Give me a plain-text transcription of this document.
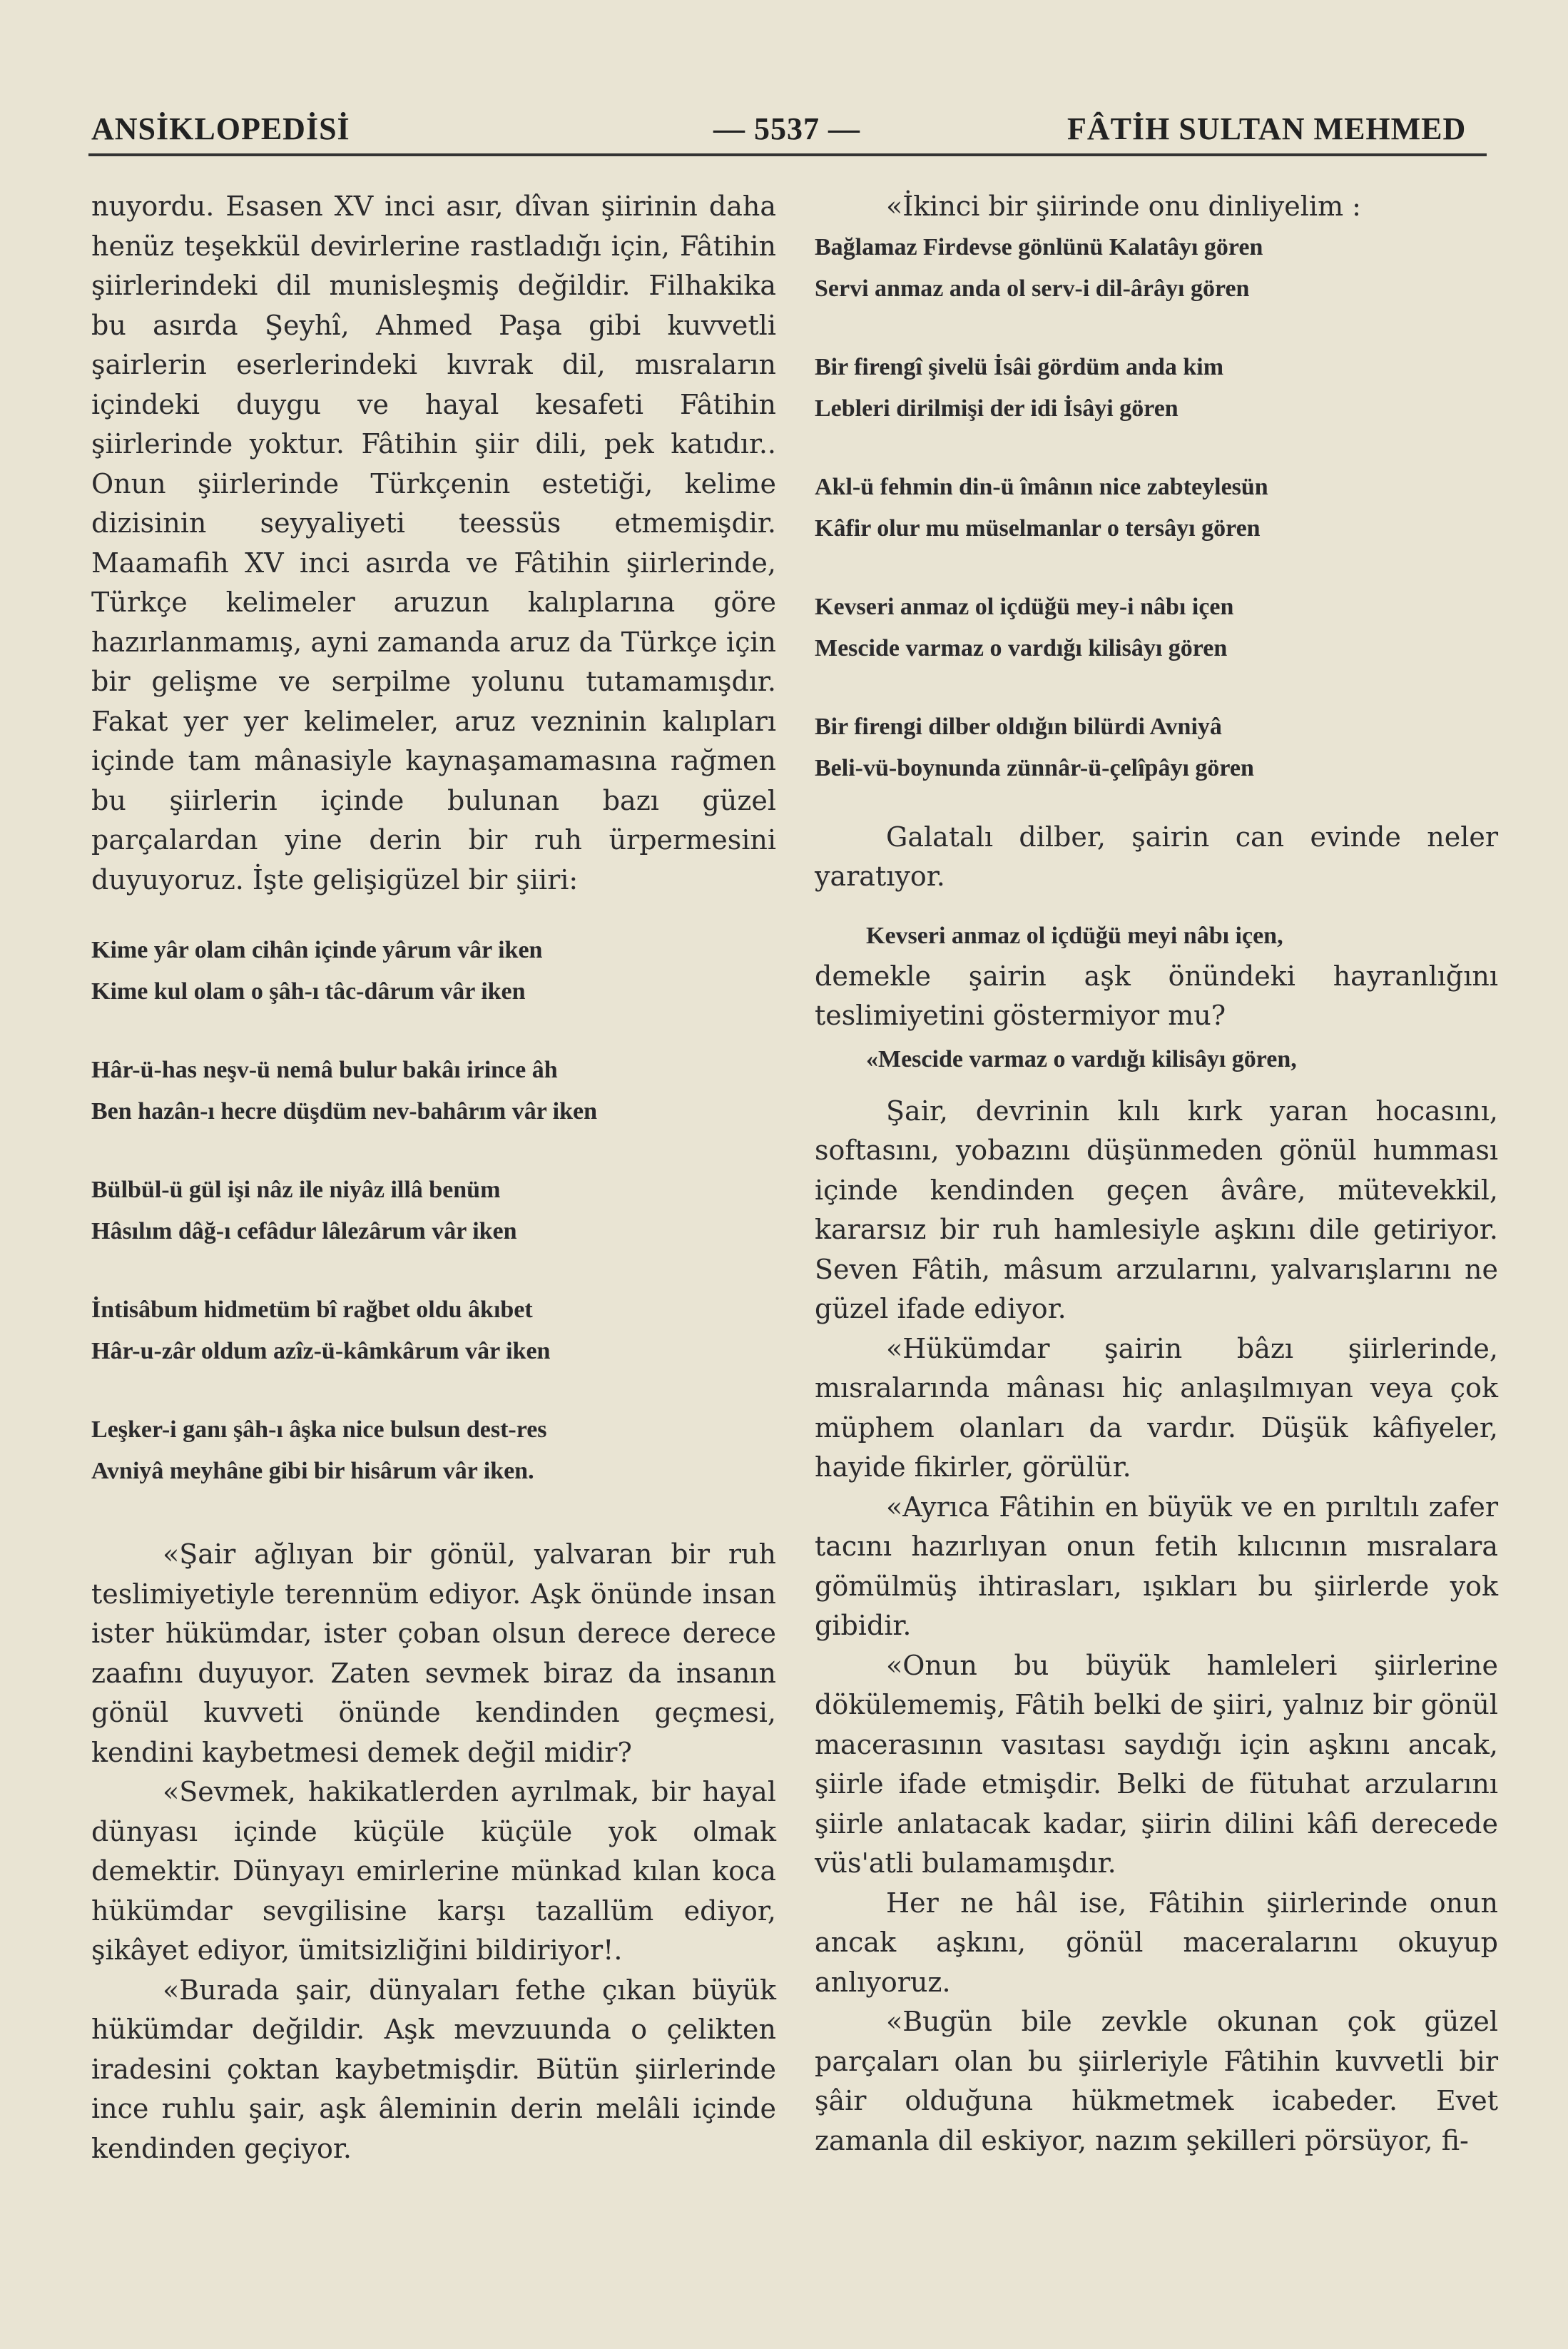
ANSİKLOPEDİSİ	— 5537 —	FÂTİH SULTAN MEHMED

nuyordu. Esasen XV inci asır, dîvan şiirinin daha henüz teşekkül devirlerine rastladığı için, Fâtihin şiirlerindeki dil munisleşmiş değildir. Filhakika bu asırda Şeyhî, Ahmed Paşa gibi kuvvetli şairlerin eserlerindeki kıvrak dil, mısraların içindeki duygu ve hayal kesafeti Fâtihin şiirlerinde yoktur. Fâtihin şiir dili, pek katıdır.. Onun şiirlerinde Türkçenin estetiği, kelime dizisinin seyyaliyeti teessüs etmemişdir. Maamafih XV inci asırda ve Fâtihin şiirlerinde, Türkçe kelimeler aruzun kalıplarına göre hazırlanmamış, ayni zamanda aruz da Türkçe için bir gelişme ve serpilme yolunu tutamamışdır. Fakat yer yer kelimeler, aruz vezninin kalıpları içinde tam mânasiyle kaynaşamamasına rağmen bu şiirlerin içinde bulunan bazı güzel parçalardan yine derin bir ruh ürpermesini duyuyoruz. İşte gelişigüzel bir şiiri:

Kime yâr olam cihân içinde yârum vâr iken
Kime kul olam o şâh-ı tâc-dârum vâr iken
Hâr-ü-has neşv-ü nemâ bulur bakâı irince âh
Ben hazân-ı hecre düşdüm nev-bahârım vâr iken
Bülbül-ü gül işi nâz ile niyâz illâ benüm
Hâsılım dâğ-ı cefâdur lâlezârum vâr iken
İntisâbum hidmetüm bî rağbet oldu âkıbet
Hâr-u-zâr oldum azîz-ü-kâmkârum vâr iken
Leşker-i ganı şâh-ı âşka nice bulsun dest-res
Avniyâ meyhâne gibi bir hisârum vâr iken.

«Şair ağlıyan bir gönül, yalvaran bir ruh teslimiyetiyle terennüm ediyor. Aşk önünde insan ister hükümdar, ister çoban olsun derece derece zaafını duyuyor. Zaten sevmek biraz da insanın gönül kuvveti önünde kendinden geçmesi, kendini kaybetmesi demek değil midir?

«Sevmek, hakikatlerden ayrılmak, bir hayal dünyası içinde küçüle küçüle yok olmak demektir. Dünyayı emirlerine münkad kılan koca hükümdar sevgilisine karşı tazallüm ediyor, şikâyet ediyor, ümitsizliğini bildiriyor!.

«Burada şair, dünyaları fethe çıkan büyük hükümdar değildir. Aşk mevzuunda o çelikten iradesini çoktan kaybetmişdir. Bütün şiirlerinde ince ruhlu şair, aşk âleminin derin melâli içinde kendinden geçiyor.

«İkinci bir şiirinde onu dinliyelim :

Bağlamaz Firdevse gönlünü Kalatâyı gören
Servi anmaz anda ol serv-i dil-ârâyı gören
Bir firengî şivelü İsâi gördüm anda kim
Lebleri dirilmişi der idi İsâyi gören
Akl-ü fehmin din-ü îmânın nice zabteylesün
Kâfir olur mu müselmanlar o tersâyı gören
Kevseri anmaz ol içdüğü mey-i nâbı içen
Mescide varmaz o vardığı kilisâyı gören
Bir firengi dilber oldığın bilürdi Avniyâ
Beli-vü-boynunda zünnâr-ü-çelîpâyı gören

Galatalı dilber, şairin can evinde neler yaratıyor.

Kevseri anmaz ol içdüğü meyi nâbı içen,

demekle şairin aşk önündeki hayranlığını teslimiyetini göstermiyor mu?

«Mescide varmaz o vardığı kilisâyı gören,

Şair, devrinin kılı kırk yaran hocasını, softasını, yobazını düşünmeden gönül humması içinde kendinden geçen âvâre, mütevekkil, kararsız bir ruh hamlesiyle aşkını dile getiriyor. Seven Fâtih, mâsum arzularını, yalvarışlarını ne güzel ifade ediyor.

«Hükümdar şairin bâzı şiirlerinde, mısralarında mânası hiç anlaşılmıyan veya çok müphem olanları da vardır. Düşük kâfiyeler, hayide fikirler, görülür.

«Ayrıca Fâtihin en büyük ve en pırıltılı zafer tacını hazırlıyan onun fetih kılıcının mısralara gömülmüş ihtirasları, ışıkları bu şiirlerde yok gibidir.

«Onun bu büyük hamleleri şiirlerine dökülememiş, Fâtih belki de şiiri, yalnız bir gönül macerasının vasıtası saydığı için aşkını ancak, şiirle ifade etmişdir. Belki de fütuhat arzularını şiirle anlatacak kadar, şiirin dilini kâfi derecede vüs'atli bulamamışdır.

Her ne hâl ise, Fâtihin şiirlerinde onun ancak aşkını, gönül maceralarını okuyup anlıyoruz.

«Bugün bile zevkle okunan çok güzel parçaları olan bu şiirleriyle Fâtihin kuvvetli bir şâir olduğuna hükmetmek icabeder. Evet zamanla dil eskiyor, nazım şekilleri pörsüyor, fi-
